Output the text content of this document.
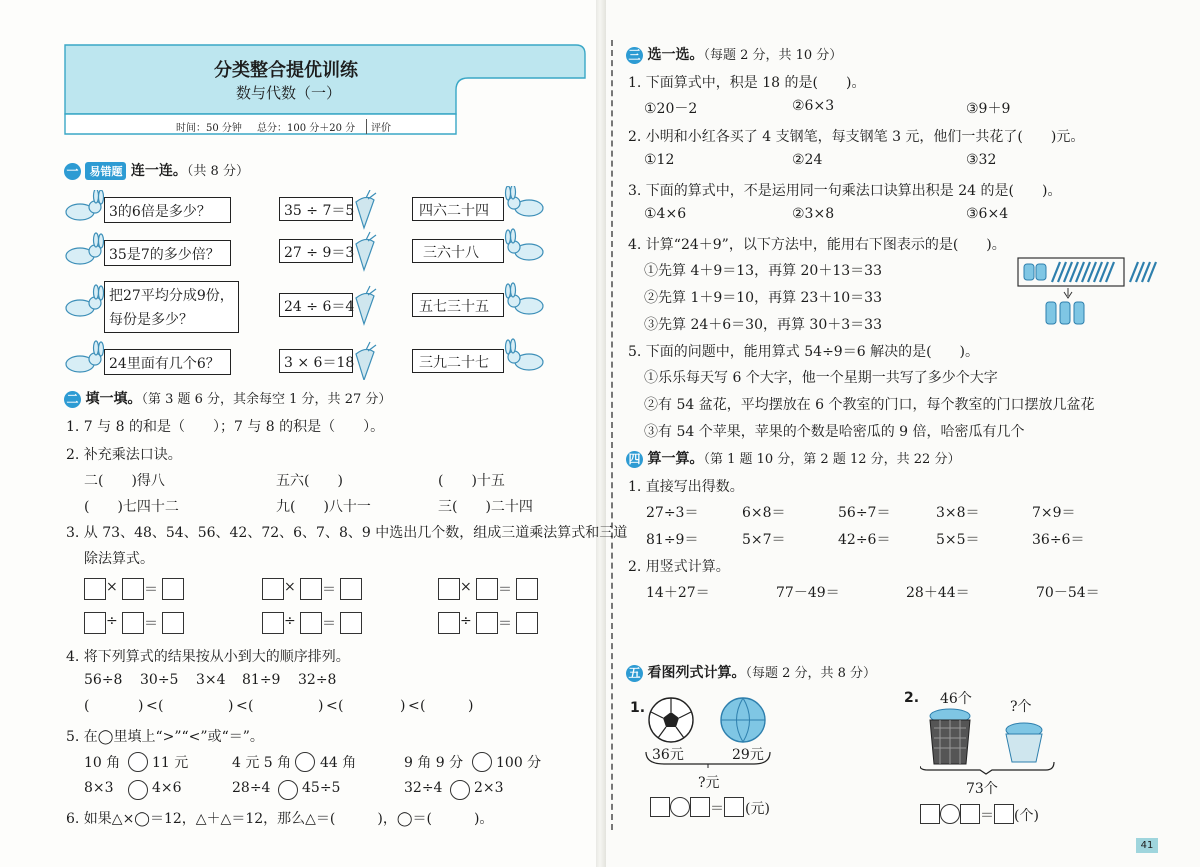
分类整合提优训练
数与代数（一）
时间：50 分钟 总分：100 分＋20 分	评价
一 易错题 连一连。（共 8 分）
3的6倍是多少？
35是7的多少倍？
把27平均分成9份，
每份是多少？
24里面有几个6？
35 ÷ 7＝5
27 ÷ 9＝3
24 ÷ 6＝4
3 × 6＝18
四六二十四
三六十八
五七三十五
三九二十七
二 填一填。（第 3 题 6 分，其余每空 1 分，共 27 分）
1. 7 与 8 的和是（　　）；7 与 8 的积是（　　）。
2. 补充乘法口诀。
二(　　)得八	五六(　　)	(　　)十五
(　　)七四十二	九(　　)八十一	三(　　)二十四
3. 从 73、48、54、56、42、72、6、7、8、9 中选出几个数，组成三道乘法算式和三道
除法算式。
× ＝	× ＝	× ＝
÷ ＝	÷ ＝	÷ ＝
4. 将下列算式的结果按从小到大的顺序排列。
56÷8 30÷5 3×4 81÷9 32÷8
(	) < (	) < (	) < (	) < (	)
5. 在◯里填上“>”“<”或“＝”。
10 角 11 元	4 元 5 角 44 角	9 角 9 分 100 分
8×3	4×6	28÷4 45÷5	32÷4 2×3
6. 如果△×◯＝12，△＋△＝12，那么△＝(　　　)，◯＝(　　　)。
三 选一选。（每题 2 分，共 10 分）
1. 下面算式中，积是 18 的是(　　)。
①20－2	②6×3	③9＋9
2. 小明和小红各买了 4 支钢笔，每支钢笔 3 元，他们一共花了(　　)元。
①12	②24	③32
3. 下面的算式中，不是运用同一句乘法口诀算出积是 24 的是(　　)。
①4×6	②3×8	③6×4
4. 计算“24＋9”，以下方法中，能用右下图表示的是(　　)。
①先算 4＋9＝13，再算 20＋13＝33
②先算 1＋9＝10，再算 23＋10＝33
③先算 24＋6＝30，再算 30＋3＝33
5. 下面的问题中，能用算式 54÷9＝6 解决的是(　　)。
①乐乐每天写 6 个大字，他一个星期一共写了多少个大字
②有 54 盆花，平均摆放在 6 个教室的门口，每个教室的门口摆放几盆花
③有 54 个苹果，苹果的个数是哈密瓜的 9 倍，哈密瓜有几个
四 算一算。（第 1 题 10 分，第 2 题 12 分，共 22 分）
1. 直接写出得数。
27÷3＝	6×8＝	56÷7＝	3×8＝	7×9＝
81÷9＝	5×7＝	42÷6＝	5×5＝	36÷6＝
2. 用竖式计算。
14＋27＝	77－49＝	28＋44＝	70－54＝
五 看图列式计算。（每题 2 分，共 8 分）
1.
36元	29元
?元
＝ (元)
2. 46个	?个
73个
＝ (个)
41
